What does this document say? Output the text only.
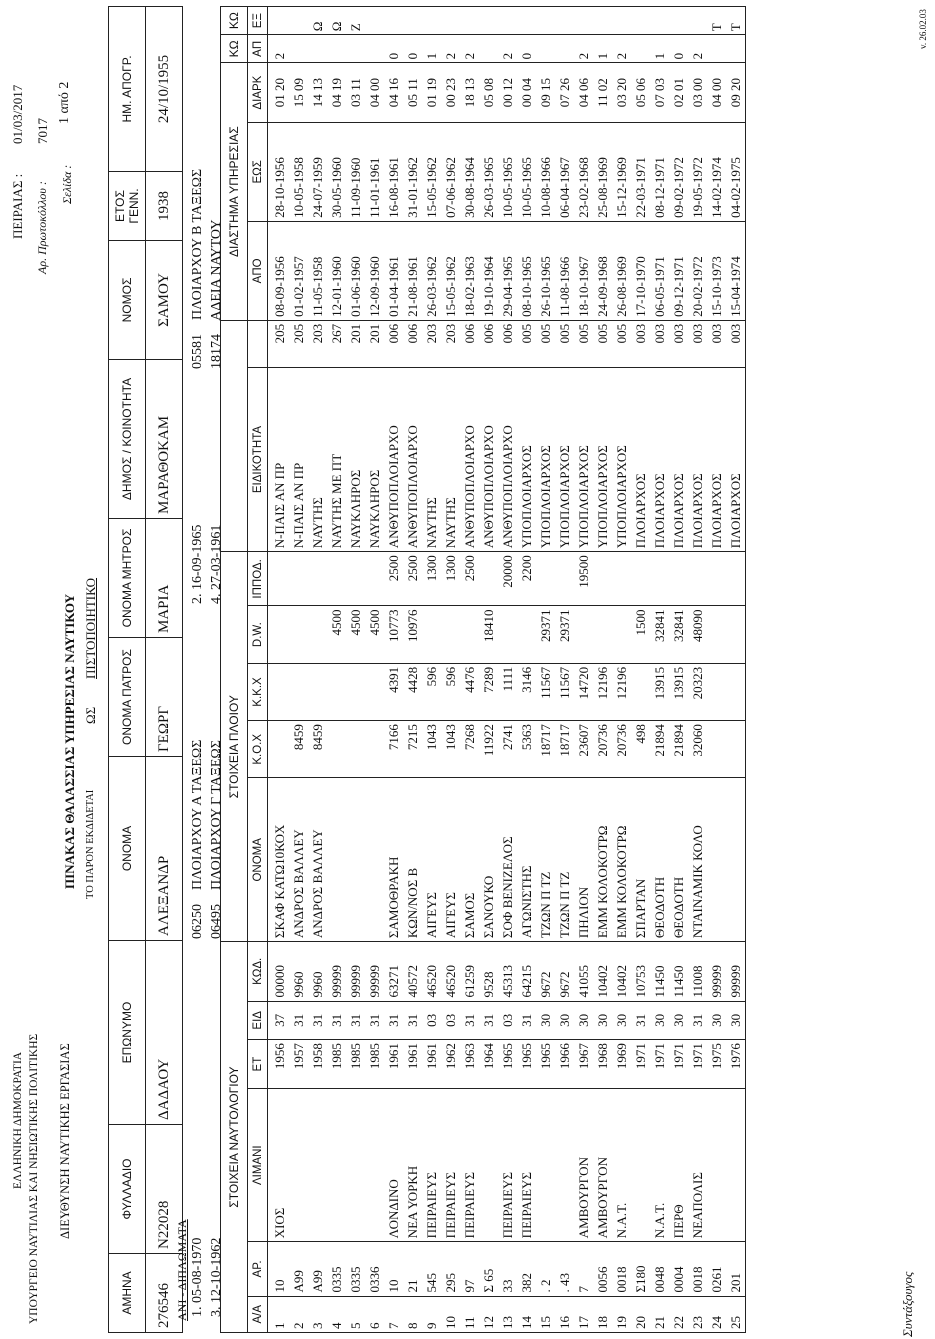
ΕΛΛΗΝΙΚΗ ΔΗΜΟΚΡΑΤΙΑ ΥΠΟΥΡΓΕΙΟ ΝΑΥΤΙΛΙΑΣ ΚΑΙ ΝΗΣΙΩΤΙΚΗΣ ΠΟΛΙΤΙΚΗΣ ΔΙΕΥΘΥΝΣΗ ΝΑΥΤΙΚΗΣ ΕΡΓΑΣΙΑΣ
ΠΕΙΡΑΙΑΣ :
01/03/2017
Αρ. Πρωτοκόλλου :
7017
Σελίδα :
1 από 2
ΠΙΝΑΚΑΣ ΘΑΛΑΣΣΙΑΣ ΥΠΗΡΕΣΙΑΣ ΝΑΥΤΙΚΟΥ ΤΟ ΠΑΡΟΝ ΕΚΔΙΔΕΤΑΙ
ΩΣ
ΠΙΣΤΟΠΟΙΗΤΙΚΟ
ΑΜΗΝΑ	ΦΥΛΛΑΔΙΟ	ΕΠΩΝΥΜΟ	ΟΝΟΜΑ	ΟΝΟΜΑ ΠΑΤΡΟΣ	ΟΝΟΜΑ ΜΗΤΡΟΣ	ΔΗΜΟΣ / ΚΟΙΝΟΤΗΤΑ	ΝΟΜΟΣ	ΕΤΟΣ ΓΕΝΝ.	ΗΜ. ΑΠΟΓΡ.
276546	Ν22028	ΔΑΔΑΟΥ	ΑΛΕΞΑΝΔΡ	ΓΕΩΡΓ	ΜΑΡΙΑ	ΜΑΡΑΘΟΚΑΜ	ΣΑΜΟΥ	1938	24/10/1955
ΑΝΙ - ΔΙΠΛΩΜΑΤΑ 1. 05-08-1970
06250    ΠΛΟΙΑΡΧΟΥ Α ΤΑΞΕΩΣ
2. 16-09-1965
05581    ΠΛΟΙΑΡΧΟΥ Β ΤΑΞΕΩΣ
3. 12-10-1962
06495    ΠΛΟΙΑΡΧΟΥ Γ ΤΑΞΕΩΣ
4. 27-03-1961
18174    ΑΔΕΙΑ ΝΑΥΤΟΥ
ΣΤΟΙΧΕΙΑ ΝΑΥΤΟΛΟΓΙΟΥ						ΣΤΟΙΧΕΙΑ ΠΛΟΙΟΥ							ΔΙΑΣΤΗΜΑ ΥΠΗΡΕΣΙΑΣ			ΚΩ	ΚΩ
Α/Α	ΑΡ.	ΛΙΜΑΝΙ	ΕΤ	ΕΙΔ	ΚΩΔ.	ΟΝΟΜΑ	Κ.Ο.Χ	Κ.Κ.Χ	D.W.	ΙΠΠΟΔ.	ΕΙΔΙΚΟΤΗΤΑ		ΑΠΟ	ΕΩΣ	ΔΙΑΡΚ	ΑΠ	ΕΞ
1	10	ΧΙΟΣ	1956	37	00000	ΣΚΑΦ ΚΑΤΩ10ΚΟΧ					Ν-ΠΑΙΣ ΑΝ ΠΡ	205	08-09-1956	28-10-1956	01 20	2	
2	Α99		1957	31	9960	ΑΝΔΡΟΣ ΒΑΛΛΕΥ	8459				Ν-ΠΑΙΣ ΑΝ ΠΡ	205	01-02-1957	10-05-1958	15 09		
3	Α99		1958	31	9960	ΑΝΔΡΟΣ ΒΑΛΛΕΥ	8459				ΝΑΥΤΗΣ	203	11-05-1958	24-07-1959	14 13		Ω
4	0335		1985	31	99999				4500		ΝΑΥΤΗΣ ΜΕ ΠΤ	267	12-01-1960	30-05-1960	04 19		Ω
5	0335		1985	31	99999				4500		ΝΑΥΚΛΗΡΟΣ	201	01-06-1960	11-09-1960	03 11		Ζ
6	0336		1985	31	99999				4500		ΝΑΥΚΛΗΡΟΣ	201	12-09-1960	11-01-1961	04 00		
7	10	ΛΟΝΔΙΝΟ	1961	31	63271	ΣΑΜΟΘΡΑΚΗ	7166	4391	10773	2500	ΑΝΘΥΠΟΠΛΟΙΑΡΧΟ	006	01-04-1961	16-08-1961	04 16	0	
8	21	ΝΕΑ ΥΟΡΚΗ	1961	31	40572	ΚΩΝ/ΝΟΣ Β	7215	4428	10976	2500	ΑΝΘΥΠΟΠΛΟΙΑΡΧΟ	006	21-08-1961	31-01-1962	05 11	0	
9	545	ΠΕΙΡΑΙΕΥΣ	1961	03	46520	ΑΙΓΕΥΣ	1043	596		1300	ΝΑΥΤΗΣ	203	26-03-1962	15-05-1962	01 19	1	
10	295	ΠΕΙΡΑΙΕΥΣ	1962	03	46520	ΑΙΓΕΥΣ	1043	596		1300	ΝΑΥΤΗΣ	203	15-05-1962	07-06-1962	00 23	2	
11	97	ΠΕΙΡΑΙΕΥΣ	1963	31	61259	ΣΑΜΟΣ	7268	4476		2500	ΑΝΘΥΠΟΠΛΟΙΑΡΧΟ	006	18-02-1963	30-08-1964	18 13	2	
12	Σ 65		1964	31	9528	ΣΑΝΟΥΚΟ	11922	7289	18410		ΑΝΘΥΠΟΠΛΟΙΑΡΧΟ	006	19-10-1964	26-03-1965	05 08		
13	33	ΠΕΙΡΑΙΕΥΣ	1965	03	45313	ΣΟΦ ΒΕΝΙΖΕΛΟΣ	2741	1111		20000	ΑΝΘΥΠΟΠΛΟΙΑΡΧΟ	006	29-04-1965	10-05-1965	00 12	2	
14	382	ΠΕΙΡΑΙΕΥΣ	1965	31	64215	ΑΓΩΝΙΣΤΗΣ	5363	3146		2200	ΥΠΟΠΛΟΙΑΡΧΟΣ	005	08-10-1965	10-05-1965	00 04	0	
15	. 2		1965	30	9672	ΤΖΩΝ Π ΤΖ	18717	11567	29371		ΥΠΟΠΛΟΙΑΡΧΟΣ	005	26-10-1965	10-08-1966	09 15		
16	. 43		1966	30	9672	ΤΖΩΝ Π ΤΖ	18717	11567	29371		ΥΠΟΠΛΟΙΑΡΧΟΣ	005	11-08-1966	06-04-1967	07 26		
17	7	ΑΜΒΟΥΡΓΟΝ	1967	30	41055	ΠΗΛΙΟΝ	23607	14720		19500	ΥΠΟΠΛΟΙΑΡΧΟΣ	005	18-10-1967	23-02-1968	04 06	2	
18	0056	ΑΜΒΟΥΡΓΟΝ	1968	30	10402	ΕΜΜ ΚΟΛΟΚΟΤΡΩ	20736	12196			ΥΠΟΠΛΟΙΑΡΧΟΣ	005	24-09-1968	25-08-1969	11 02	1	
19	0018	Ν.Α.Τ.	1969	30	10402	ΕΜΜ ΚΟΛΟΚΟΤΡΩ	20736	12196			ΥΠΟΠΛΟΙΑΡΧΟΣ	005	26-08-1969	15-12-1969	03 20	2	
20	Σ180		1971	31	10753	ΣΠΑΡΤΑΝ	498		1500		ΠΛΟΙΑΡΧΟΣ	003	17-10-1970	22-03-1971	05 06		
21	0048	Ν.Α.Τ.	1971	30	11450	ΘΕΟΔΟΤΗ	21894	13915	32841		ΠΛΟΙΑΡΧΟΣ	003	06-05-1971	08-12-1971	07 03	1	
22	0004	ΠΕΡΘ	1971	30	11450	ΘΕΟΔΟΤΗ	21894	13915	32841		ΠΛΟΙΑΡΧΟΣ	003	09-12-1971	09-02-1972	02 01	0	
23	0018	ΝΕΑΠΟΛΙΣ	1971	31	11008	ΝΤΑΙΝΑΜΙΚ ΚΟΛΟ	32060	20323	48090		ΠΛΟΙΑΡΧΟΣ	003	20-02-1972	19-05-1972	03 00	2	
24	0261		1975	30	99999						ΠΛΟΙΑΡΧΟΣ	003	15-10-1973	14-02-1974	04 00		Τ
25	201		1976	30	99999						ΠΛΟΙΑΡΧΟΣ	003	15-04-1974	04-02-1975	09 20		Τ
Συντάξουγος
v. 26.02.03
